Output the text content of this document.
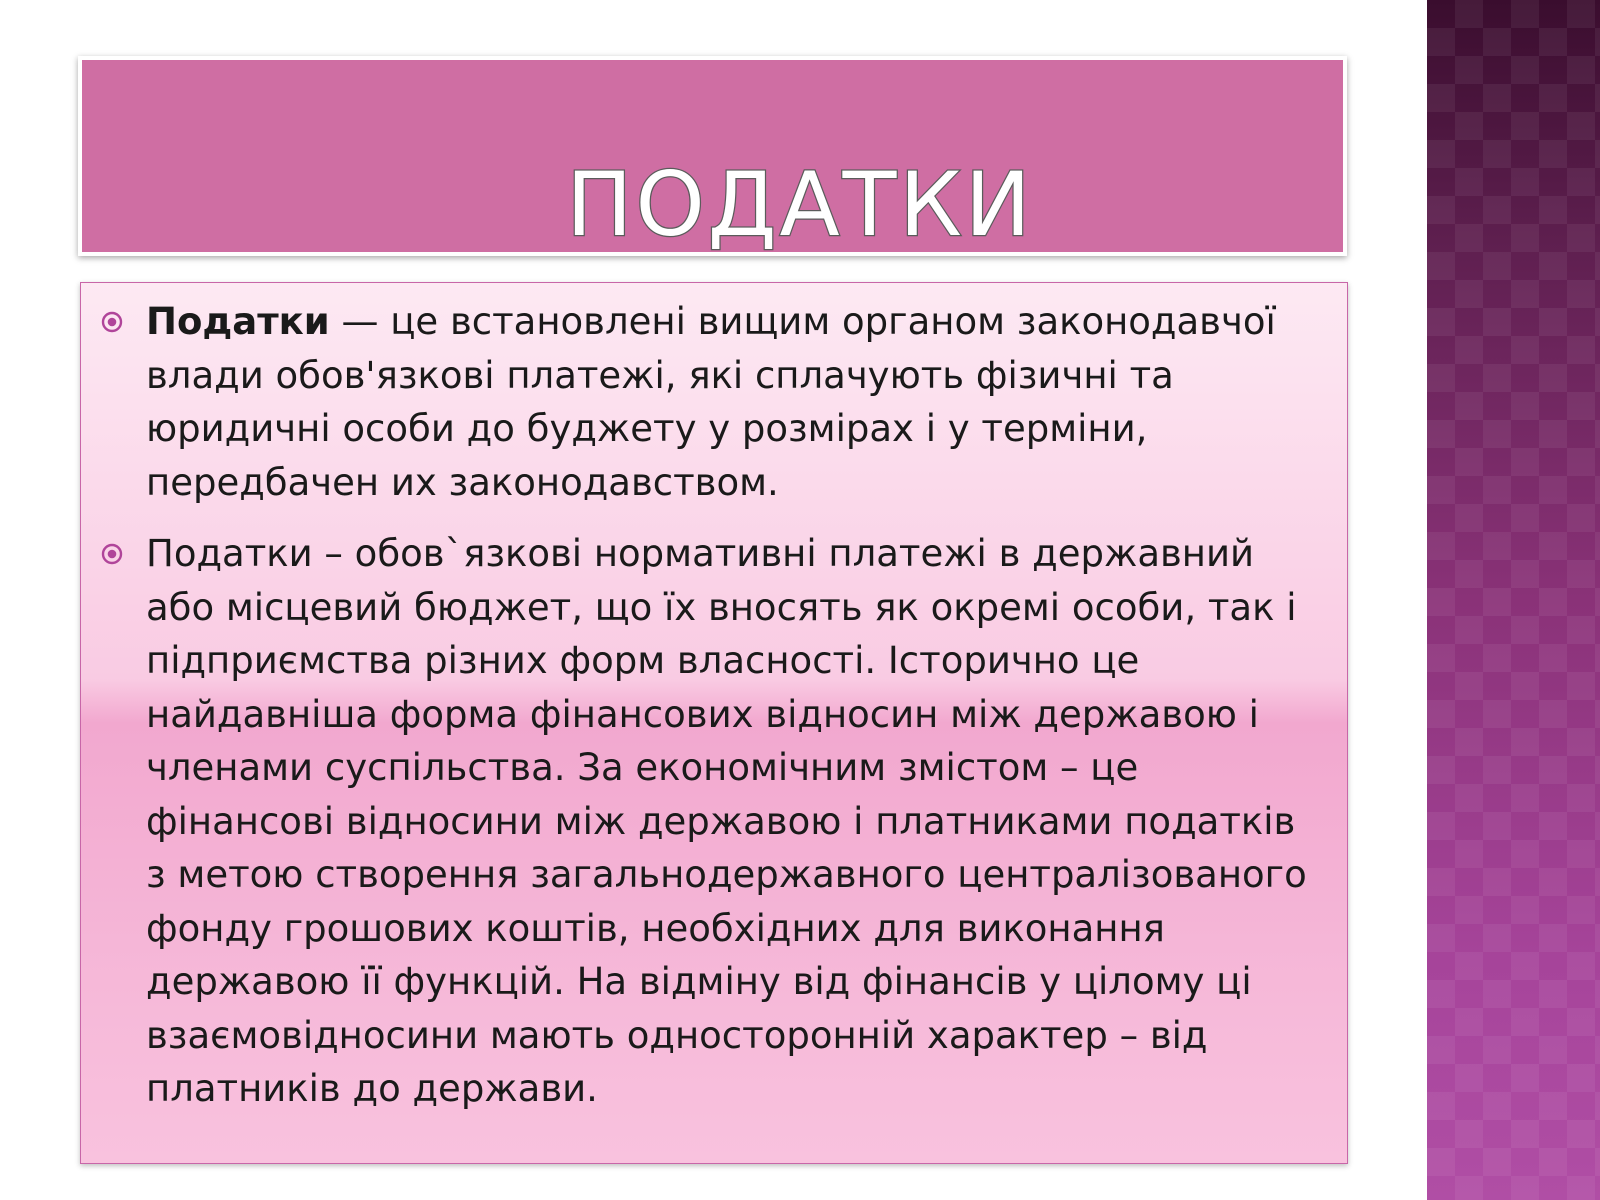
ПОДАТКИ
Податки — це встановлені вищим органом законодавчої влади обов'язкові платежі, які сплачують фізичні та юридичні особи до буджету у розмірах і у терміни, передбачен их законодавством.
Податки – обов`язкові нормативні платежі в державний або місцевий бюджет, що їх вносять як окремі особи, так і підприємства різних форм власності. Історично це найдавніша форма фінансових відносин між державою і членами суспільства. За економічним змістом – це фінансові відносини між державою і платниками податків з метою створення загальнодержавного централізованого фонду грошових коштів, необхідних для виконання державою її функцій. На відміну від фінансів у цілому ці взаємовідносини мають односторонній характер – від платників до держави.
